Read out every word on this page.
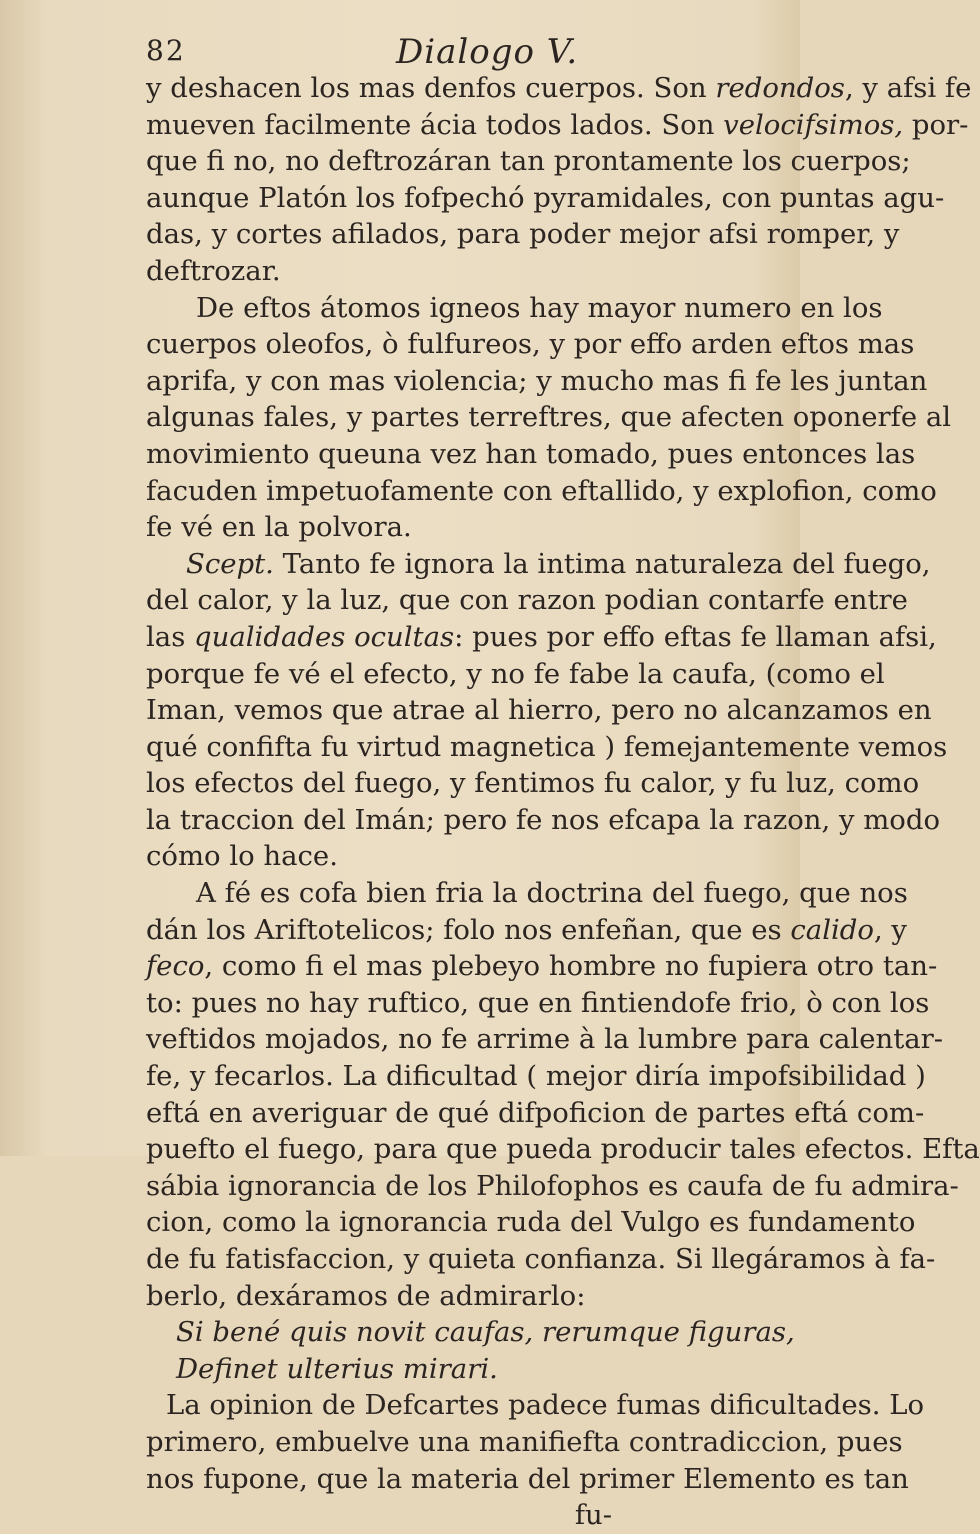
82	Dialogo V.
y deshacen los mas denfos cuerpos. Son redondos, y afsi fe
mueven facilmente ácia todos lados. Son velocifsimos, por-
que fi no, no deftrozáran tan prontamente los cuerpos;
aunque Platón los fofpechó pyramidales, con puntas agu-
das, y cortes afilados, para poder mejor afsi romper, y
deftrozar.
De eftos átomos igneos hay mayor numero en los
cuerpos oleofos, ò fulfureos, y por effo arden eftos mas
aprifa, y con mas violencia; y mucho mas fi fe les juntan
algunas fales, y partes terreftres, que afecten oponerfe al
movimiento queuna vez han tomado, pues entonces las
facuden impetuofamente con eftallido, y explofion, como
fe vé en la polvora.
Scept. Tanto fe ignora la intima naturaleza del fuego,
del calor, y la luz, que con razon podian contarfe entre
las qualidades ocultas: pues por effo eftas fe llaman afsi,
porque fe vé el efecto, y no fe fabe la caufa, (como el
Iman, vemos que atrae al hierro, pero no alcanzamos en
qué confifta fu virtud magnetica ) femejantemente vemos
los efectos del fuego, y fentimos fu calor, y fu luz, como
la traccion del Imán; pero fe nos efcapa la razon, y modo
cómo lo hace.
A fé es cofa bien fria la doctrina del fuego, que nos
dán los Ariftotelicos; folo nos enfeñan, que es calido, y
feco, como fi el mas plebeyo hombre no fupiera otro tan-
to: pues no hay ruftico, que en fintiendofe frio, ò con los
veftidos mojados, no fe arrime à la lumbre para calentar-
fe, y fecarlos. La dificultad ( mejor diría impofsibilidad )
eftá en averiguar de qué difpoficion de partes eftá com-
puefto el fuego, para que pueda producir tales efectos. Efta
sábia ignorancia de los Philofophos es caufa de fu admira-
cion, como la ignorancia ruda del Vulgo es fundamento
de fu fatisfaccion, y quieta confianza. Si llegáramos à fa-
berlo, dexáramos de admirarlo:
Si bené quis novit caufas, rerumque figuras,
Definet ulterius mirari.
La opinion de Defcartes padece fumas dificultades. Lo
primero, embuelve una manifiefta contradiccion, pues
nos fupone, que la materia del primer Elemento es tan
fu-
